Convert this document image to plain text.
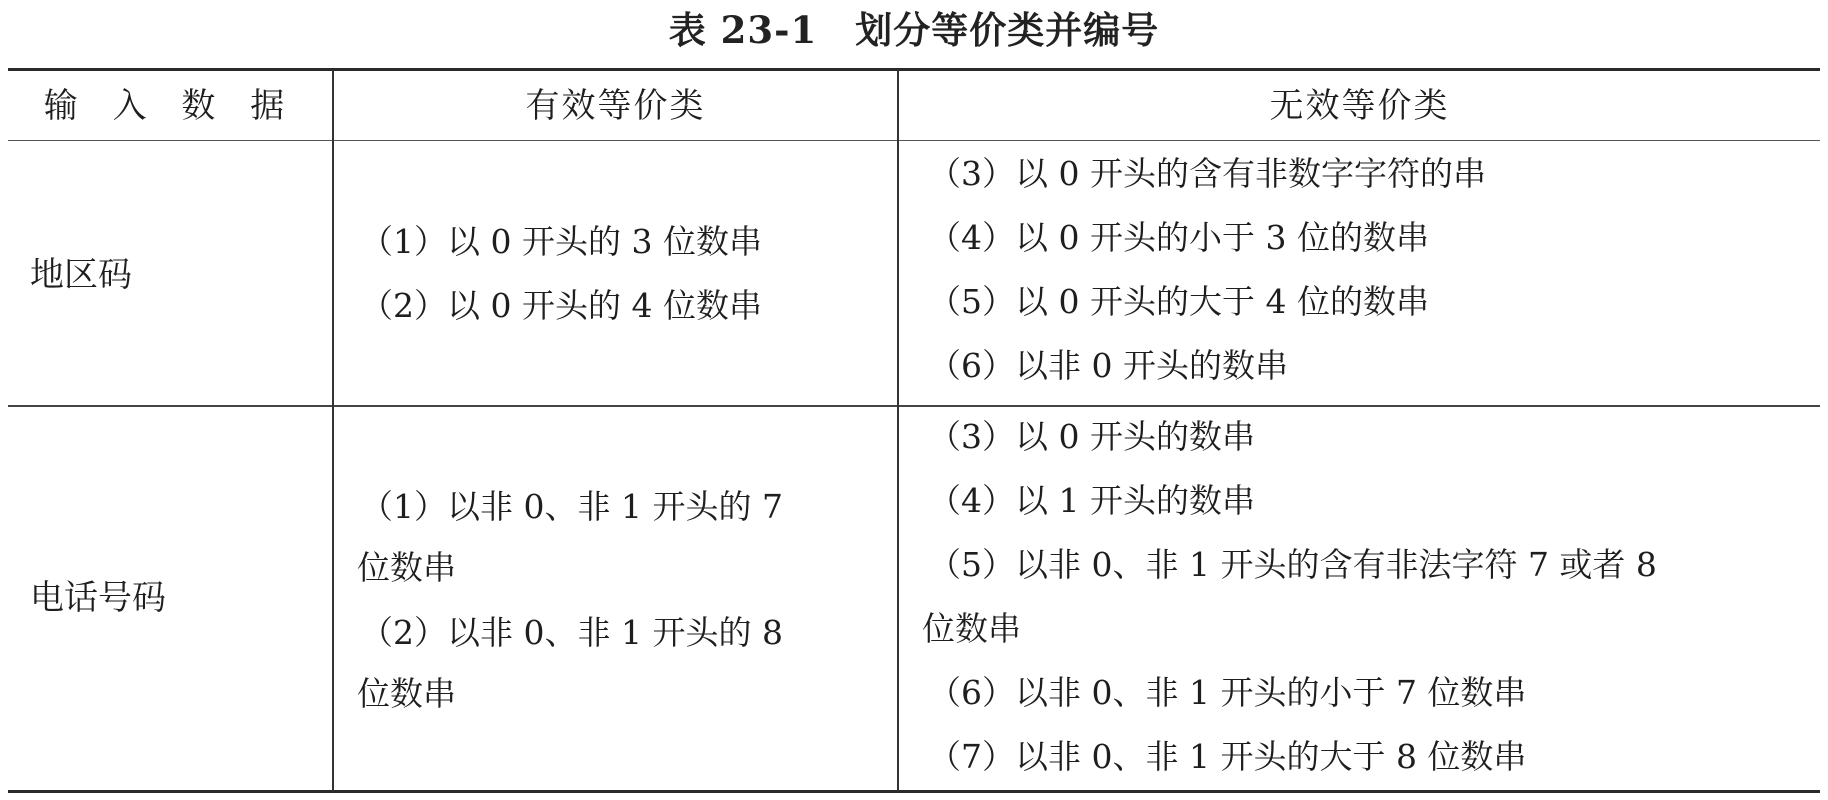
表 23-1　划分等价类并编号
输 入 数 据	有效等价类	无效等价类
地区码
（1）以 0 开头的 3 位数串
（2）以 0 开头的 4 位数串
（3）以 0 开头的含有非数字字符的串
（4）以 0 开头的小于 3 位的数串
（5）以 0 开头的大于 4 位的数串
（6）以非 0 开头的数串
电话号码
（1）以非 0、非 1 开头的 7
位数串
（2）以非 0、非 1 开头的 8
位数串
（3）以 0 开头的数串
（4）以 1 开头的数串
（5）以非 0、非 1 开头的含有非法字符 7 或者 8
位数串
（6）以非 0、非 1 开头的小于 7 位数串
（7）以非 0、非 1 开头的大于 8 位数串
